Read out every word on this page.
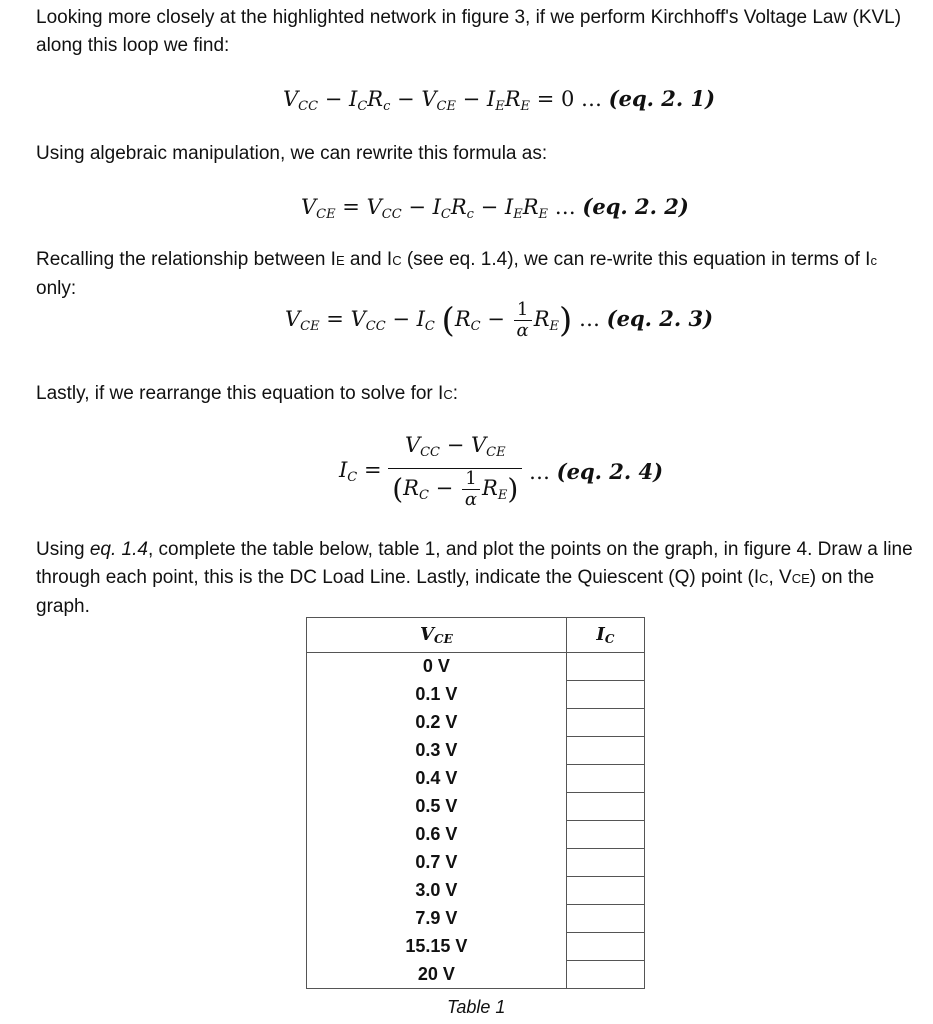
Looking more closely at the highlighted network in figure 3, if we perform Kirchhoff's Voltage Law (KVL) along this loop we find:

$V_{CC} - I_CR_c - V_{CE} - I_ER_E = 0$ … (eq. 2. 1)

Using algebraic manipulation, we can rewrite this formula as:

$V_{CE} = V_{CC} - I_CR_c - I_ER_E$ … (eq. 2. 2)

Recalling the relationship between IE and IC (see eq. 1.4), we can re-write this equation in terms of Ic only:

$V_{CE} = V_{CC} - I_C$ $(R_C - \frac{1}{\alpha} R_E)$ … (eq. 2. 3)

Lastly, if we rearrange this equation to solve for IC:

$I_C$ =
$V_{CC} - V_{CE}$
$(R_C - \frac{1}{\alpha} R_E)$
… (eq. 2. 4)

Using eq. 1.4, complete the table below, table 1, and plot the points on the graph, in figure 4. Draw a line through each point, this is the DC Load Line. Lastly, indicate the Quiescent (Q) point (IC, VCE) on the graph.

$V_{CE}$	$I_C$
0 V	
0.1 V	
0.2 V	
0.3 V	
0.4 V	
0.5 V	
0.6 V	
0.7 V	
3.0 V	
7.9 V	
15.15 V	
20 V	
Table 1
